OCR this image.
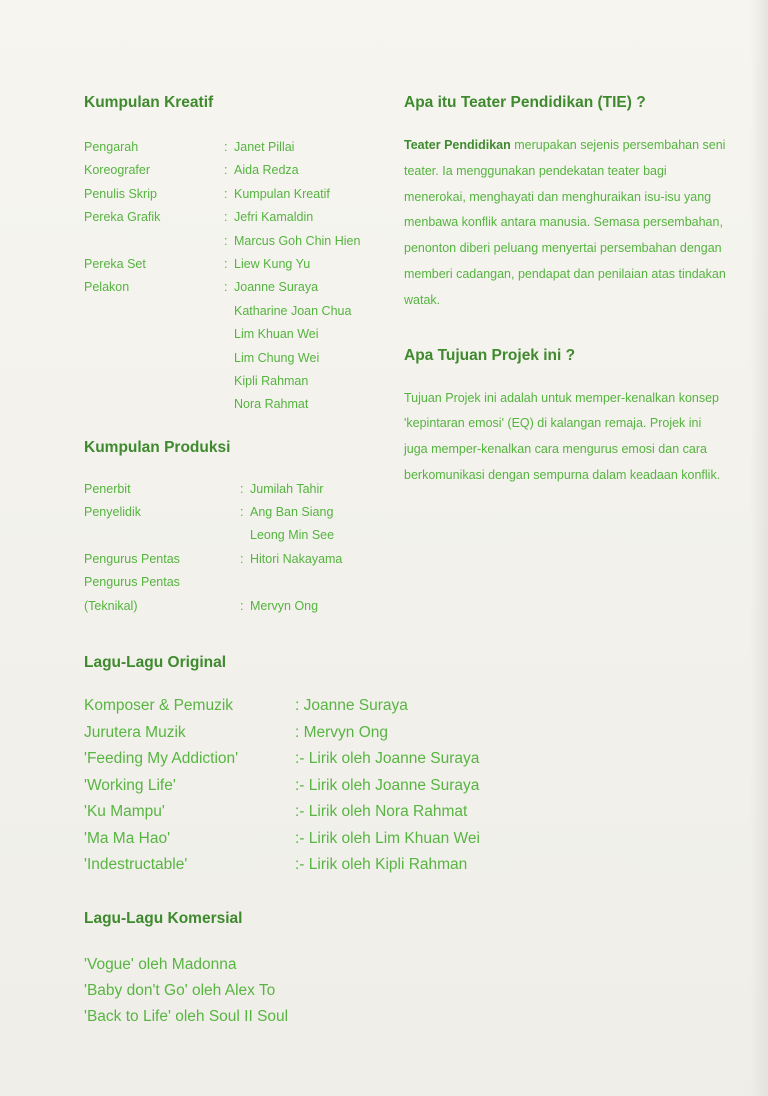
Kumpulan Kreatif
Pengarah	: Janet Pillai
Koreografer	: Aida Redza
Penulis Skrip	: Kumpulan Kreatif
Pereka Grafik	: Jefri Kamaldin
: Marcus Goh Chin Hien
Pereka Set	: Liew Kung Yu
Pelakon	: Joanne Suraya
Katharine Joan Chua
Lim Khuan Wei
Lim Chung Wei
Kipli Rahman
Nora Rahmat
Kumpulan Produksi
Penerbit	: Jumilah Tahir
Penyelidik	: Ang Ban Siang
Leong Min See
Pengurus Pentas	: Hitori Nakayama
Pengurus Pentas
(Teknikal)	: Mervyn Ong
Apa itu Teater Pendidikan (TIE) ?

Teater Pendidikan merupakan sejenis persembahan seni teater. Ia menggunakan pendekatan teater bagi menerokai, menghayati dan menghuraikan isu-isu yang menbawa konflik antara manusia. Semasa persembahan, penonton diberi peluang menyertai persembahan dengan memberi cadangan, pendapat dan penilaian atas tindakan watak.

Apa Tujuan Projek ini ?

Tujuan Projek ini adalah untuk memper-kenalkan konsep 'kepintaran emosi' (EQ) di kalangan remaja. Projek ini juga memper-kenalkan cara mengurus emosi dan cara berkomunikasi dengan sempurna dalam keadaan konflik.

Lagu-Lagu Original
Komposer & Pemuzik	: Joanne Suraya
Jurutera Muzik	: Mervyn Ong
'Feeding My Addiction'	:- Lirik oleh Joanne Suraya
'Working Life'	:- Lirik oleh Joanne Suraya
'Ku Mampu'	:- Lirik oleh Nora Rahmat
'Ma Ma Hao'	:- Lirik oleh Lim Khuan Wei
'Indestructable'	:- Lirik oleh Kipli Rahman
Lagu-Lagu Komersial
'Vogue' oleh Madonna
'Baby don't Go' oleh Alex To
'Back to Life' oleh Soul II Soul
